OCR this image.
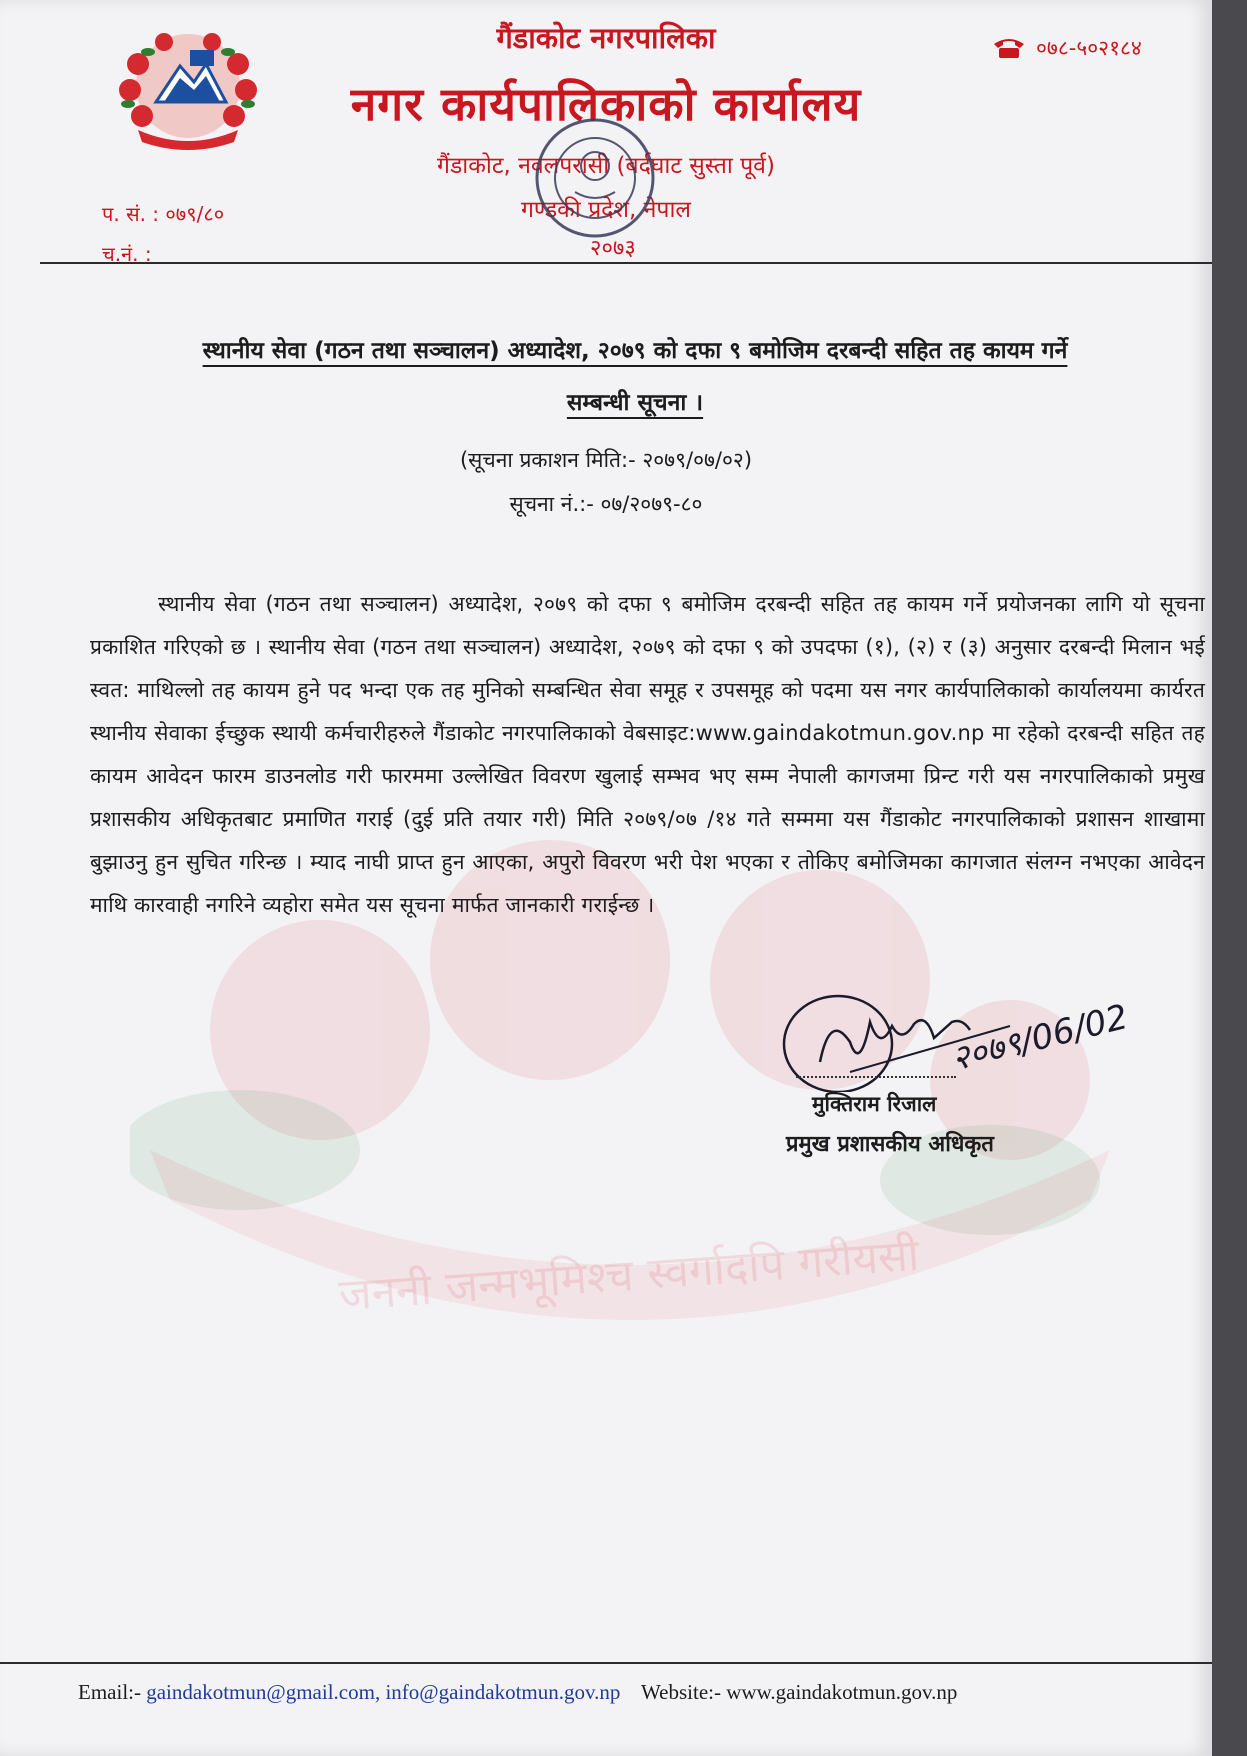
जननी जन्मभूमिश्च स्वर्गादपि गरीयसी
गैंडाकोट नगरपालिका
नगर कार्यपालिकाको कार्यालय
गैंडाकोट, नवलपरासी (बर्दघाट सुस्ता पूर्व)
गण्डकी प्रदेश, नेपाल
०७८-५०२१८४
प. सं. : ०७९/८०
च.नं. :	२०७३
स्थानीय सेवा (गठन तथा सञ्चालन) अध्यादेश, २०७९ को दफा ९ बमोजिम दरबन्दी सहित तह कायम गर्ने
सम्बन्धी सूचना ।
(सूचना प्रकाशन मिति:- २०७९/०७/०२)
सूचना नं.:- ०७/२०७९-८०

स्थानीय सेवा (गठन तथा सञ्चालन) अध्यादेश, २०७९ को दफा ९ बमोजिम दरबन्दी सहित तह कायम गर्ने प्रयोजनका लागि यो सूचना प्रकाशित गरिएको छ । स्थानीय सेवा (गठन तथा सञ्चालन) अध्यादेश, २०७९ को दफा ९ को उपदफा (१), (२) र (३) अनुसार दरबन्दी मिलान भई स्वत: माथिल्लो तह कायम हुने पद भन्दा एक तह मुनिको सम्बन्धित सेवा समूह र उपसमूह को पदमा यस नगर कार्यपालिकाको कार्यालयमा कार्यरत स्थानीय सेवाका ईच्छुक स्थायी कर्मचारीहरुले गैंडाकोट नगरपालिकाको वेबसाइट:www.gaindakotmun.gov.np मा रहेको दरबन्दी सहित तह कायम आवेदन फारम डाउनलोड गरी फारममा उल्लेखित विवरण खुलाई सम्भव भए सम्म नेपाली कागजमा प्रिन्ट गरी यस नगरपालिकाको प्रमुख प्रशासकीय अधिकृतबाट प्रमाणित गराई (दुई प्रति तयार गरी) मिति २०७९/०७ /१४ गते सम्ममा यस गैंडाकोट नगरपालिकाको प्रशासन शाखामा बुझाउनु हुन सुचित गरिन्छ । म्याद नाघी प्राप्त हुन आएका, अपुरो विवरण भरी पेश भएका र तोकिए बमोजिमका कागजात संलग्न नभएका आवेदन माथि कारवाही नगरिने व्यहोरा समेत यस सूचना मार्फत जानकारी गराईन्छ ।

२०७९/06/02
मुक्तिराम रिजाल
प्रमुख प्रशासकीय अधिकृत
Email:- gaindakotmun@gmail.com, info@gaindakotmun.gov.np Website:- www.gaindakotmun.gov.np
